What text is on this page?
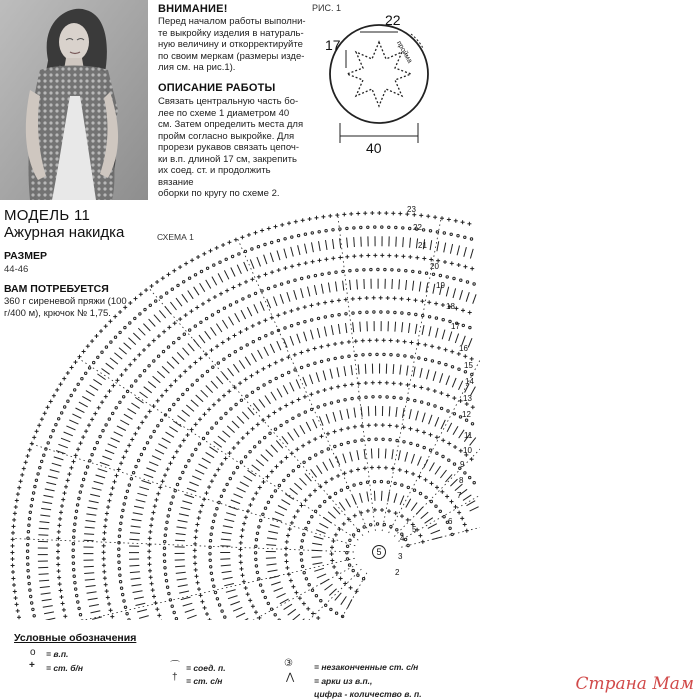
ВНИМАНИЕ!
Перед началом работы выполни-
те выкройку изделия в натураль-
ную величину и откорректируйте
по своим меркам (размеры изде-
лия см. на рис.1).
ОПИСАНИЕ РАБОТЫ
Связать центральную часть бо-
лее по схеме 1 диаметром 40
см. Затем определить места для
пройм согласно выкройке. Для
прорези рукавов связать цепоч-
ки в.п. длиной 17 см, закрепить
их соед. ст. и продолжить вязание
оборки по кругу по схеме 2.
РИС. 1
22
17
40
пройма
МОДЕЛЬ 11
Ажурная накидка	СХЕМА 1
РАЗМЕР
44-46
ВАМ ПОТРЕБУЕТСЯ
360 г сиреневой пряжи (100
г/400 м), крючок № 1,75.
5
23
22
21
20
19
18
17
16
15
14
13
12
11
10
9
8
7
6
5
4
3
2
Условные обозначения
o = в.п.
+ = ст. б/н	⌒ = соед. п.
† = ст. с/н
③ = незаконченные ст. с/н
⋀ = арки из в.п.,
цифра - количество в. п.	Страна Мам
